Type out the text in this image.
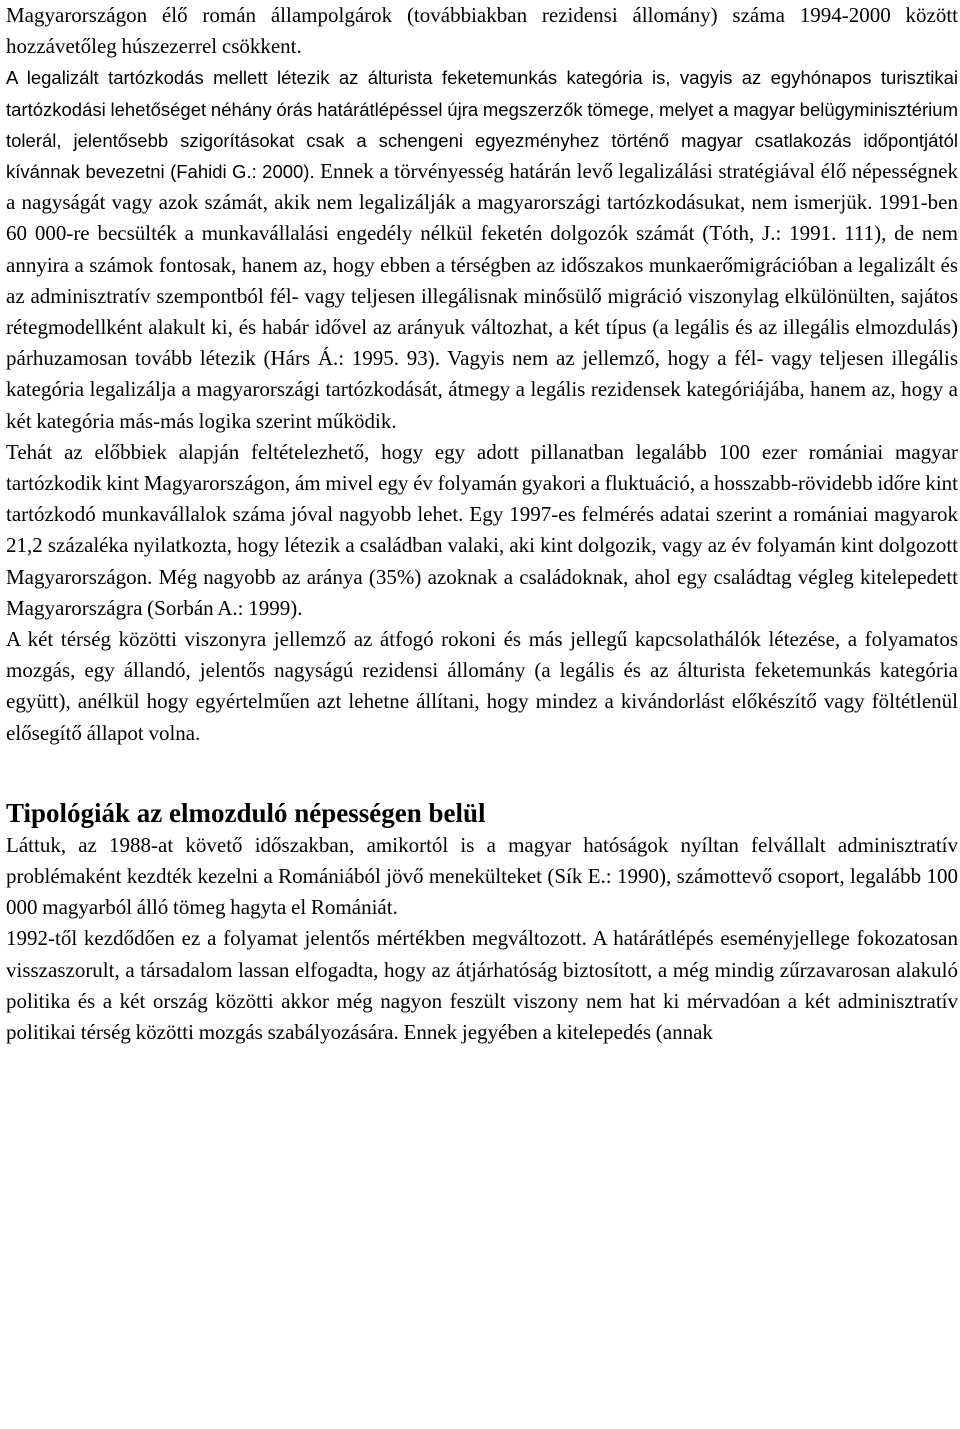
Magyarországon élő román állampolgárok (továbbiakban rezidensi állomány) száma 1994-2000 között hozzávetőleg húszezerrel csökkent.

A legalizált tartózkodás mellett létezik az álturista feketemunkás kategória is, vagyis az egyhónapos turisztikai tartózkodási lehetőséget néhány órás határátlépéssel újra megszerzők tömege, melyet a magyar belügyminisztérium tolerál, jelentősebb szigorításokat csak a schengeni egyezményhez történő magyar csatlakozás időpontjától kívánnak bevezetni (Fahidi G.: 2000). Ennek a törvényesség határán levő legalizálási stratégiával élő népességnek a nagyságát vagy azok számát, akik nem legalizálják a magyarországi tartózkodásukat, nem ismerjük. 1991-ben 60 000-re becsülték a munkavállalási engedély nélkül feketén dolgozók számát (Tóth, J.: 1991. 111), de nem annyira a számok fontosak, hanem az, hogy ebben a térségben az időszakos munkaerőmigrációban a legalizált és az adminisztratív szempontból fél- vagy teljesen illegálisnak minősülő migráció viszonylag elkülönülten, sajátos rétegmodellként alakult ki, és habár idővel az arányuk változhat, a két típus (a legális és az illegális elmozdulás) párhuzamosan tovább létezik (Hárs Á.: 1995. 93). Vagyis nem az jellemző, hogy a fél- vagy teljesen illegális kategória legalizálja a magyarországi tartózkodását, átmegy a legális rezidensek kategóriájába, hanem az, hogy a két kategória más-más logika szerint működik.

Tehát az előbbiek alapján feltételezhető, hogy egy adott pillanatban legalább 100 ezer romániai magyar tartózkodik kint Magyarországon, ám mivel egy év folyamán gyakori a fluktuáció, a hosszabb-rövidebb időre kint tartózkodó munkavállalok száma jóval nagyobb lehet. Egy 1997-es felmérés adatai szerint a romániai magyarok 21,2 százaléka nyilatkozta, hogy létezik a családban valaki, aki kint dolgozik, vagy az év folyamán kint dolgozott Magyarországon. Még nagyobb az aránya (35%) azoknak a családoknak, ahol egy családtag végleg kitelepedett Magyarországra (Sorbán A.: 1999).

A két térség közötti viszonyra jellemző az átfogó rokoni és más jellegű kapcsolathálók létezése, a folyamatos mozgás, egy állandó, jelentős nagyságú rezidensi állomány (a legális és az álturista feketemunkás kategória együtt), anélkül hogy egyértelműen azt lehetne állítani, hogy mindez a kivándorlást előkészítő vagy föltétlenül elősegítő állapot volna.

Tipológiák az elmozduló népességen belül

Láttuk, az 1988-at követő időszakban, amikortól is a magyar hatóságok nyíltan felvállalt adminisztratív problémaként kezdték kezelni a Romániából jövő menekülteket (Sík E.: 1990), számottevő csoport, legalább 100 000 magyarból álló tömeg hagyta el Romániát.

1992-től kezdődően ez a folyamat jelentős mértékben megváltozott. A határátlépés eseményjellege fokozatosan visszaszorult, a társadalom lassan elfogadta, hogy az átjárhatóság biztosított, a még mindig zűrzavarosan alakuló politika és a két ország közötti akkor még nagyon feszült viszony nem hat ki mérvadóan a két adminisztratív politikai térség közötti mozgás szabályozására. Ennek jegyében a kitelepedés (annak
